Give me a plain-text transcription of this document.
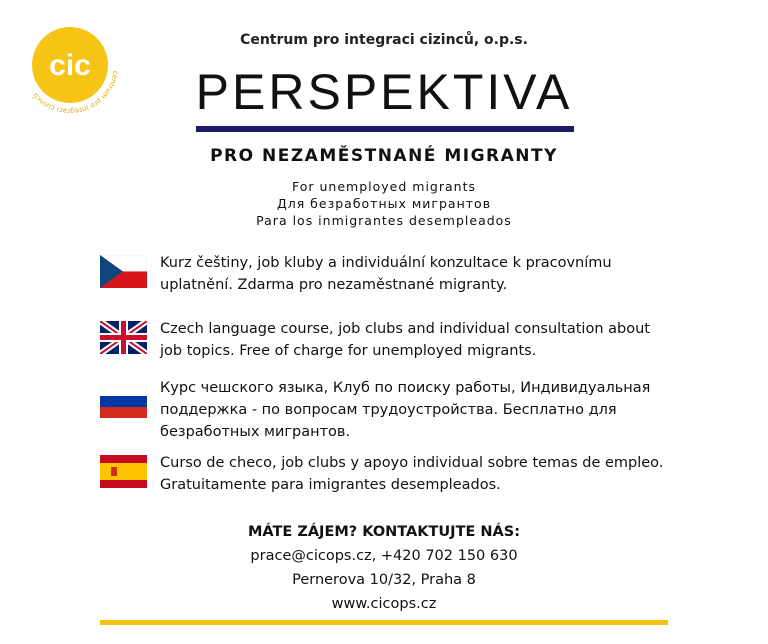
cic	centrum pro integraci cizinců
Centrum pro integraci cizinců, o.p.s.
PERSPEKTIVA
PRO NEZAMĚSTNANÉ MIGRANTY
For unemployed migrants
Для безработных мигрантов
Para los inmigrantes desempleados
Kurz češtiny, job kluby a individuální konzultace k pracovnímu uplatnění. Zdarma pro nezaměstnané migranty.
Czech language course, job clubs and individual consultation about job topics. Free of charge for unemployed migrants.
Курс чешского языка, Клуб по поиску работы, Индивидуальная поддержка - по вопросам трудоустройства. Бесплатно для безработных мигрантов.
Curso de checo, job clubs y apoyo individual sobre temas de empleo. Gratuitamente para imigrantes desempleados.
MÁTE ZÁJEM? KONTAKTUJTE NÁS:
prace@cicops.cz, +420 702 150 630
Pernerova 10/32, Praha 8
www.cicops.cz
